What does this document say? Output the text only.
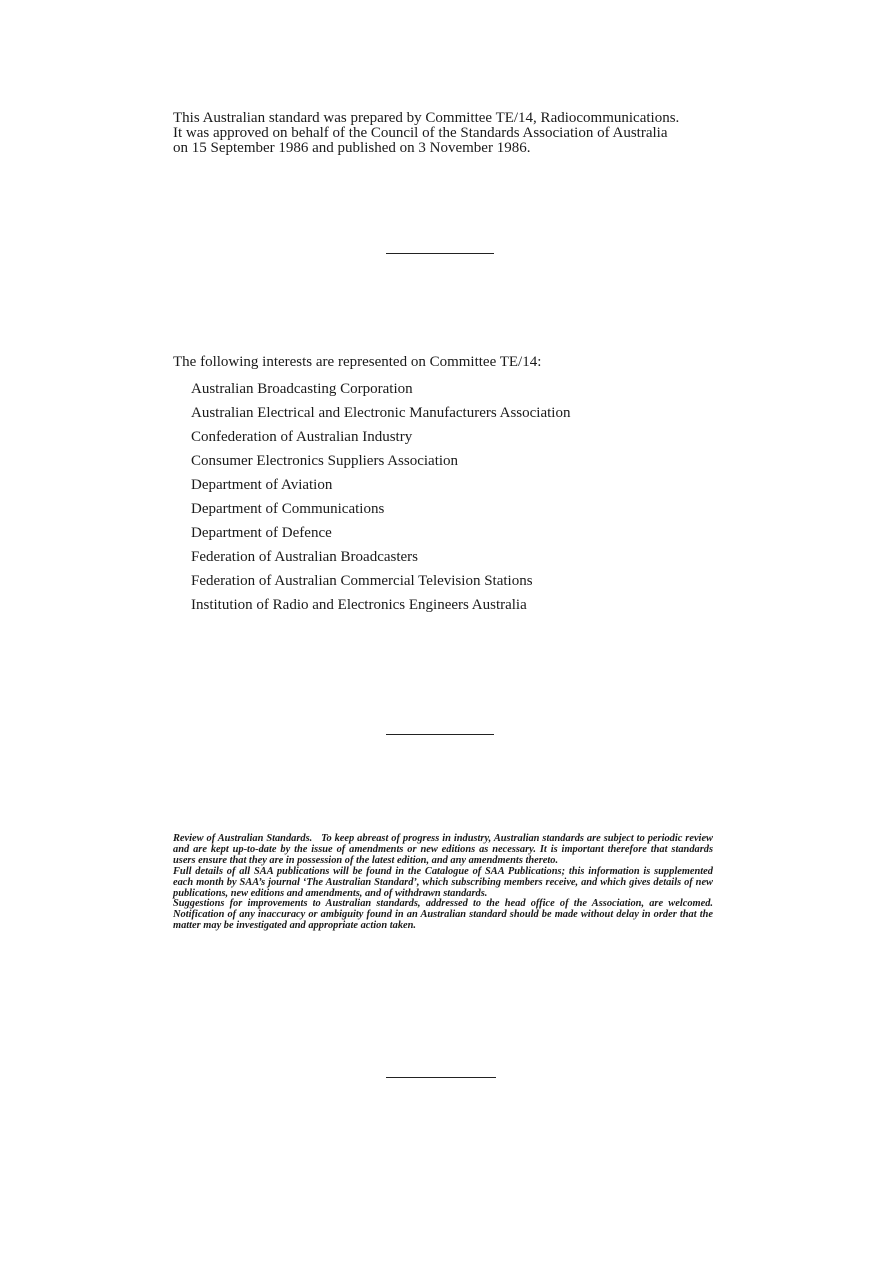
This Australian standard was prepared by Committee TE/14, Radiocommunications.

It was approved on behalf of the Council of the Standards Association of Australia

on 15 September 1986 and published on 3 November 1986.

The following interests are represented on Committee TE/14:

Australian Broadcasting Corporation
Australian Electrical and Electronic Manufacturers Association
Confederation of Australian Industry
Consumer Electronics Suppliers Association
Department of Aviation
Department of Communications
Department of Defence
Federation of Australian Broadcasters
Federation of Australian Commercial Television Stations
Institution of Radio and Electronics Engineers Australia

Review of Australian Standards. To keep abreast of progress in industry, Australian standards are subject to periodic review and are kept up-to-date by the issue of amendments or new editions as necessary. It is important therefore that standards users ensure that they are in possession of the latest edition, and any amendments thereto.

Full details of all SAA publications will be found in the Catalogue of SAA Publications; this information is supplemented each month by SAA’s journal ‘The Australian Standard’, which subscribing members receive, and which gives details of new publications, new editions and amendments, and of withdrawn standards.

Suggestions for improvements to Australian standards, addressed to the head office of the Association, are welcomed. Notification of any inaccuracy or ambiguity found in an Australian standard should be made without delay in order that the matter may be investigated and appropriate action taken.
